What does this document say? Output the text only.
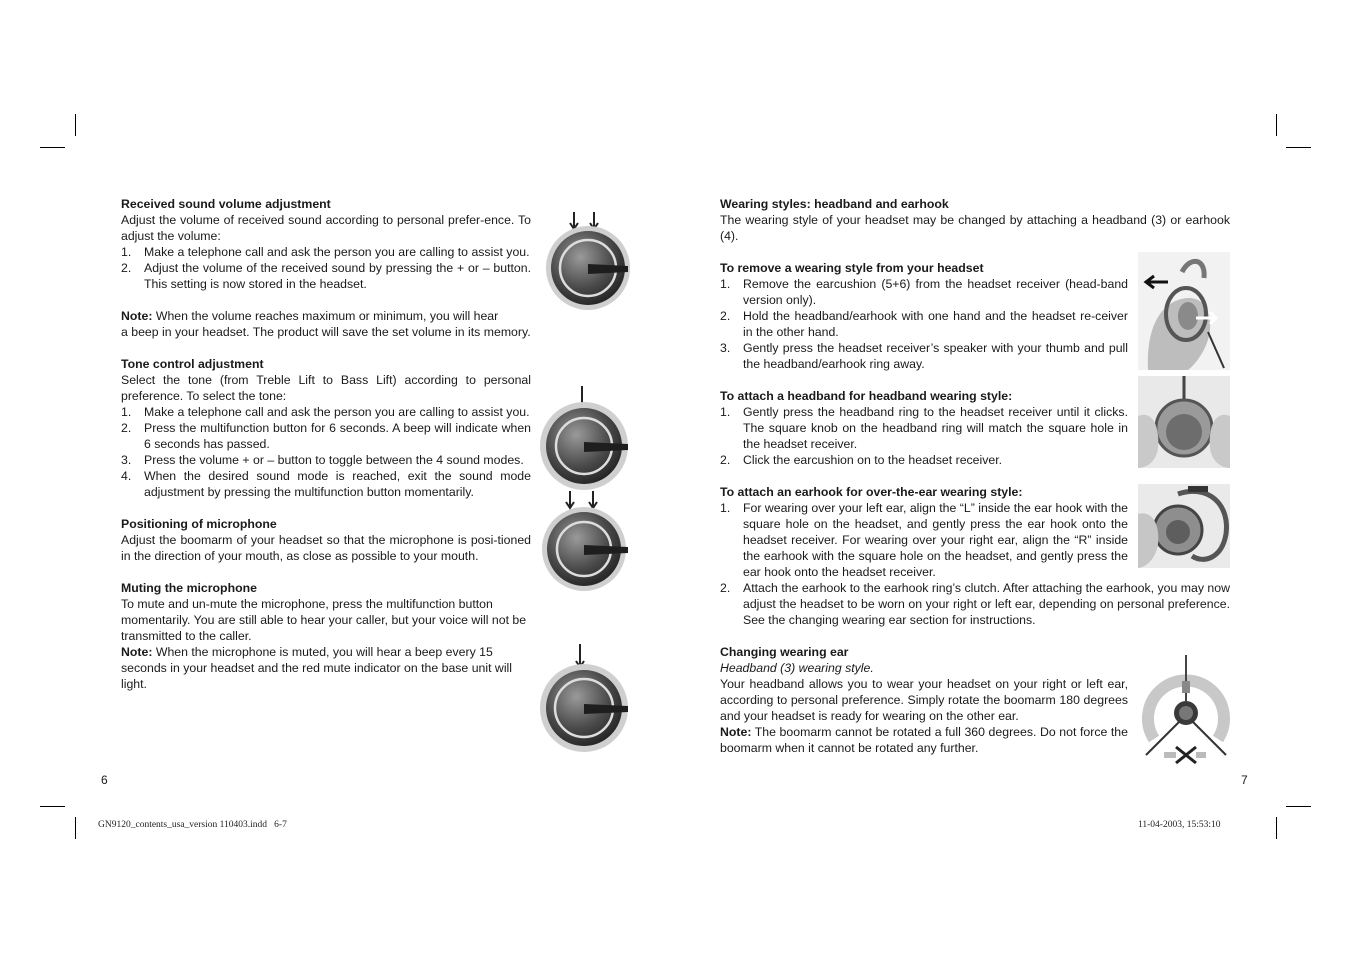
Received sound volume adjustment

Adjust the volume of received sound according to personal prefer-ence. To adjust the volume:

1. Make a telephone call and ask the person you are calling to assist you.
2. Adjust the volume of the received sound by pressing the + or – button. This setting is now stored in the headset.

Note: When the volume reaches maximum or minimum, you will hear

a beep in your headset. The product will save the set volume in its memory.

Tone control adjustment

Select the tone (from Treble Lift to Bass Lift) according to personal preference. To select the tone:

1. Make a telephone call and ask the person you are calling to assist you.
2. Press the multifunction button for 6 seconds. A beep will indicate when 6 seconds has passed.
3. Press the volume + or – button to toggle between the 4 sound modes.
4. When the desired sound mode is reached, exit the sound mode adjustment by pressing the multifunction button momentarily.

Positioning of microphone

Adjust the boomarm of your headset so that the microphone is posi-tioned in the direction of your mouth, as close as possible to your mouth.

Muting the microphone

To mute and un-mute the microphone, press the multifunction button momentarily. You are still able to hear your caller, but your voice will not be transmitted to the caller.

Note: When the microphone is muted, you will hear a beep every 15 seconds in your headset and the red mute indicator on the base unit will light.

6

Wearing styles: headband and earhook

The wearing style of your headset may be changed by attaching a headband (3) or earhook (4).

To remove a wearing style from your headset

1. Remove the earcushion (5+6) from the headset receiver (head-band version only).
2. Hold the headband/earhook with one hand and the headset re-ceiver in the other hand.
3. Gently press the headset receiver’s speaker with your thumb and pull the headband/earhook ring away.

To attach a headband for headband wearing style:

1. Gently press the headband ring to the headset receiver until it clicks. The square knob on the headband ring will match the square hole in the headset receiver.
2. Click the earcushion on to the headset receiver.

To attach an earhook for over-the-ear wearing style:

1. For wearing over your left ear, align the “L” inside the ear hook with the square hole on the headset, and gently press the ear hook onto the headset receiver. For wearing over your right ear, align the “R” inside the earhook with the square hole on the headset, and gently press the ear hook onto the headset receiver.
2. Attach the earhook to the earhook ring’s clutch. After attaching the earhook, you may now adjust the headset to be worn on your right or left ear, depending on personal preference. See the changing wearing ear section for instructions.

Changing wearing ear

Headband (3) wearing style.

Your headband allows you to wear your headset on your right or left ear, according to personal preference. Simply rotate the boomarm 180 degrees and your headset is ready for wearing on the other ear.

Note: The boomarm cannot be rotated a full 360 degrees. Do not force the boomarm when it cannot be rotated any further.

7
GN9120_contents_usa_version 110403.indd   6-7	11-04-2003, 15:53:10
